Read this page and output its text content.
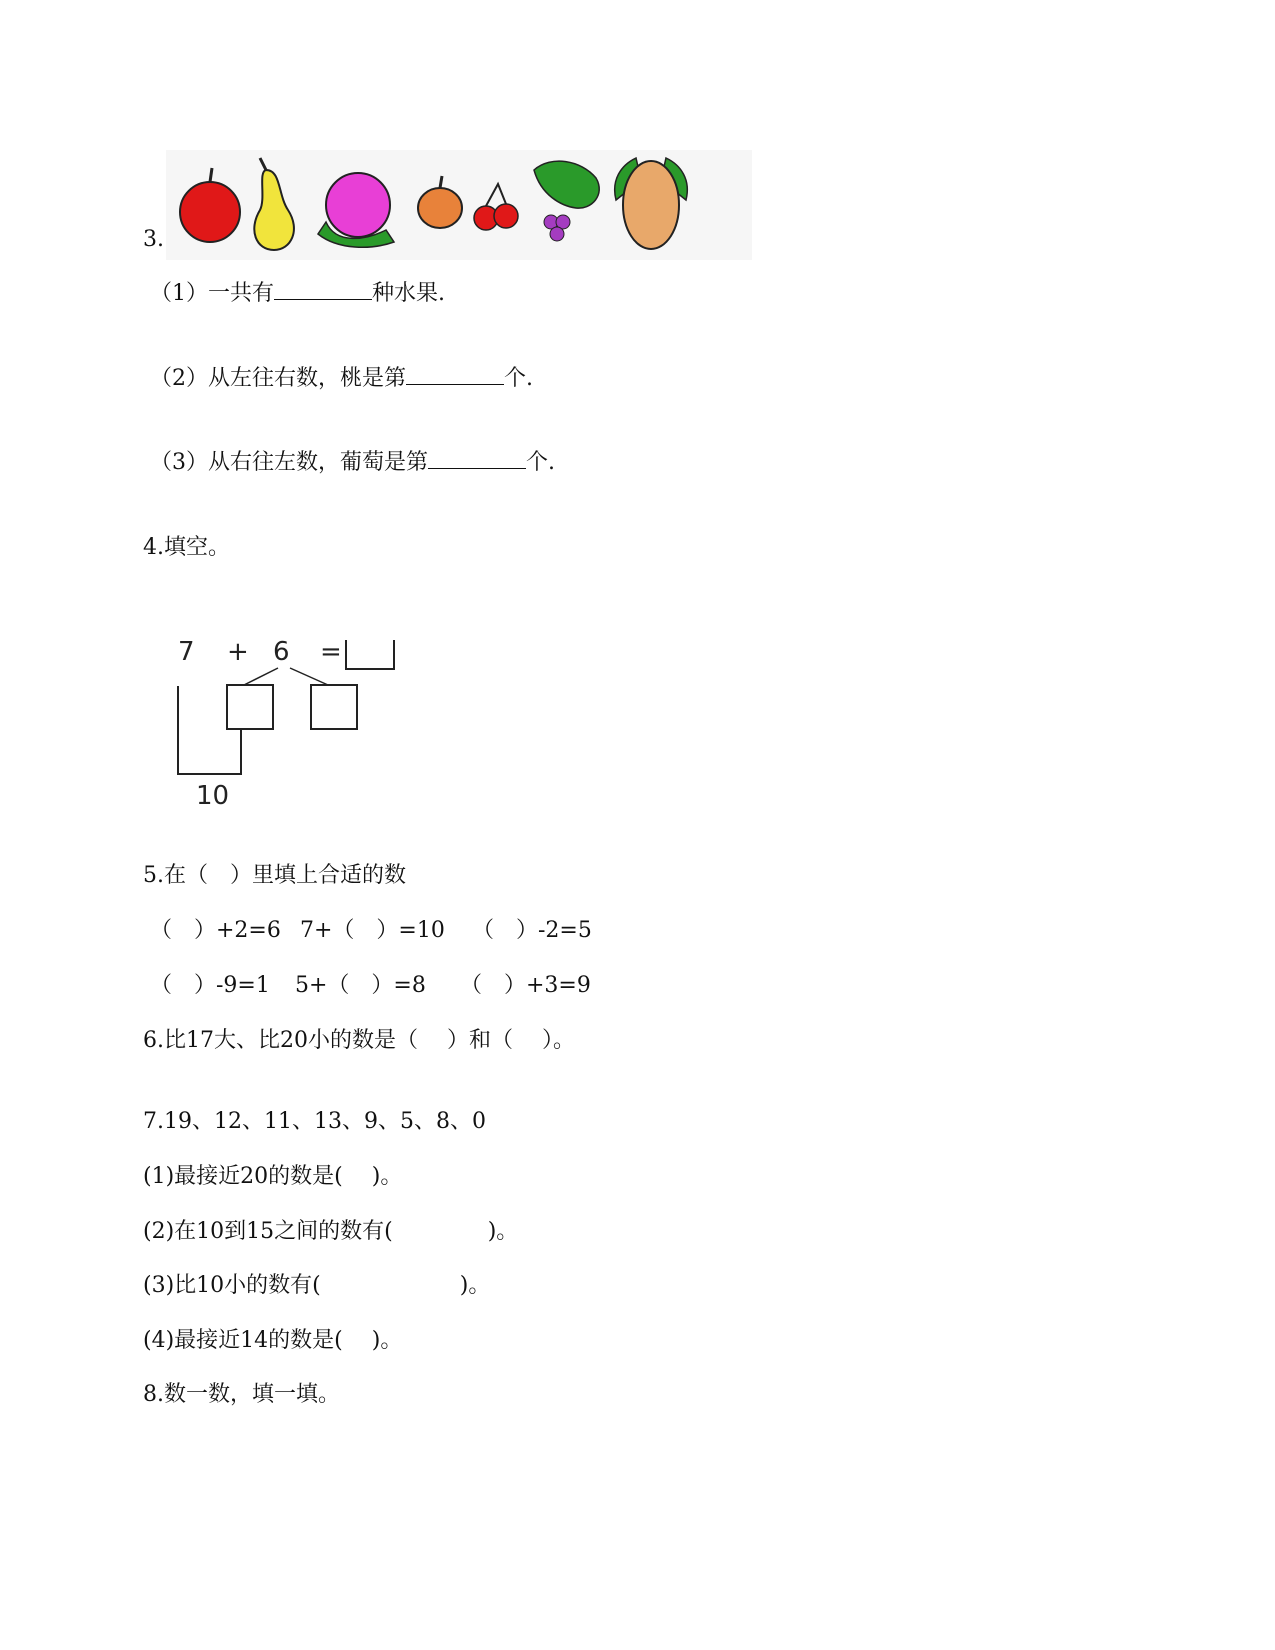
3.
（1）一共有	种水果.
（2）从左往右数，桃是第	个.
（3）从右往左数，葡萄是第	个.
4.填空。
7 + 6 =
10
5.在（　）里填上合适的数
（　）+2=6 7+（　）=10 （　）-2=5
（　）-9=1 5+（　）=8 （　）+3=9
6.比17大、比20小的数是（　 ）和（　 ）。
7.19、12、11、13、9、5、8、0
(1)最接近20的数是(　 )。
(2)在10到15之间的数有(　　　　 )。
(3)比10小的数有(　　　　　　 )。
(4)最接近14的数是(　 )。
8.数一数，填一填。
